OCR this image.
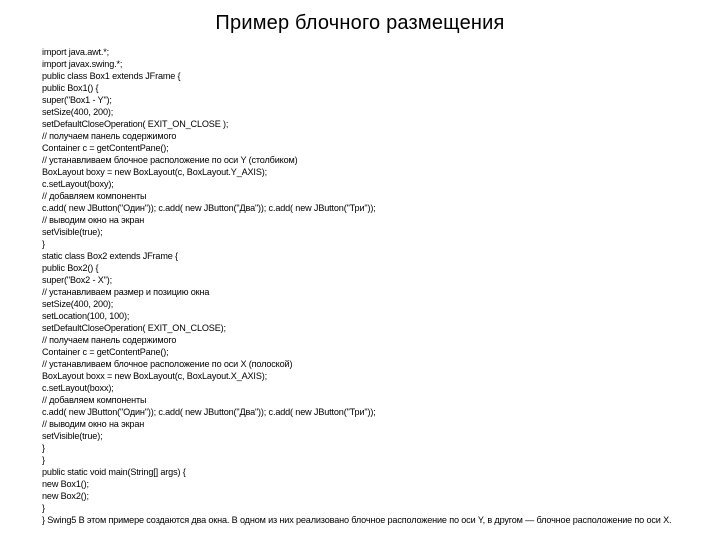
Пример блочного размещения
import java.awt.*;
import javax.swing.*;
public class Box1 extends JFrame {
public Box1() {
super("Box1 - Y");
setSize(400, 200);
setDefaultCloseOperation( EXIT_ON_CLOSE );
// получаем панель содержимого
Container c = getContentPane();
// устанавливаем блочное расположение по оси Y (столбиком)
BoxLayout boxy = new BoxLayout(c, BoxLayout.Y_AXIS);
c.setLayout(boxy);
// добавляем компоненты
c.add( new JButton("Один")); c.add( new JButton("Два")); c.add( new JButton("Три"));
// выводим окно на экран
setVisible(true);
}
static class Box2 extends JFrame {
public Box2() {
super("Box2 - X");
// устанавливаем размер и позицию окна
setSize(400, 200);
setLocation(100, 100);
setDefaultCloseOperation( EXIT_ON_CLOSE);
// получаем панель содержимого
Container c = getContentPane();
// устанавливаем блочное расположение по оси X (полоской)
BoxLayout boxx = new BoxLayout(c, BoxLayout.X_AXIS);
c.setLayout(boxx);
// добавляем компоненты
c.add( new JButton("Один")); c.add( new JButton("Два")); c.add( new JButton("Три"));
// выводим окно на экран
setVisible(true);
}
}
public static void main(String[] args) {
new Box1();
new Box2();
}
} Swing5 В этом примере создаются два окна. В одном из них реализовано блочное расположение по оси Y, в другом — блочное расположение по оси X.
